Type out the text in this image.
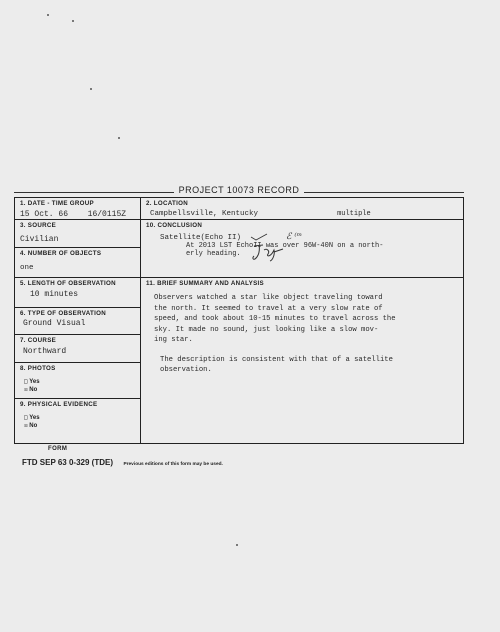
PROJECT 10073 RECORD
1. DATE - TIME GROUP
15 Oct. 66 16/0115Z
3. SOURCE
Civilian
4. NUMBER OF OBJECTS
one
5. LENGTH OF OBSERVATION
10 minutes
6. TYPE OF OBSERVATION
Ground Visual
7. COURSE
Northward
8. PHOTOS
□ Yes
☒ No
9. PHYSICAL EVIDENCE
□ Yes
☒ No
2. LOCATION
Campbellsville, Kentucky	multiple
10. CONCLUSION
Satellite(Echo II)	ℰ ⁽ᵐ
At 2013 LST EchoII was over 96W-40N on a north-
erly heading.
11. BRIEF SUMMARY AND ANALYSIS
Observers watched a star like object traveling toward
the north. It seemed to travel at a very slow rate of
speed, and took about 10-15 minutes to travel across the
sky. It made no sound, just looking like a slow mov-
ing star.
The description is consistent with that of a satellite
observation.
FORM
FTD SEP 63 0-329 (TDE) Previous editions of this form may be used.
